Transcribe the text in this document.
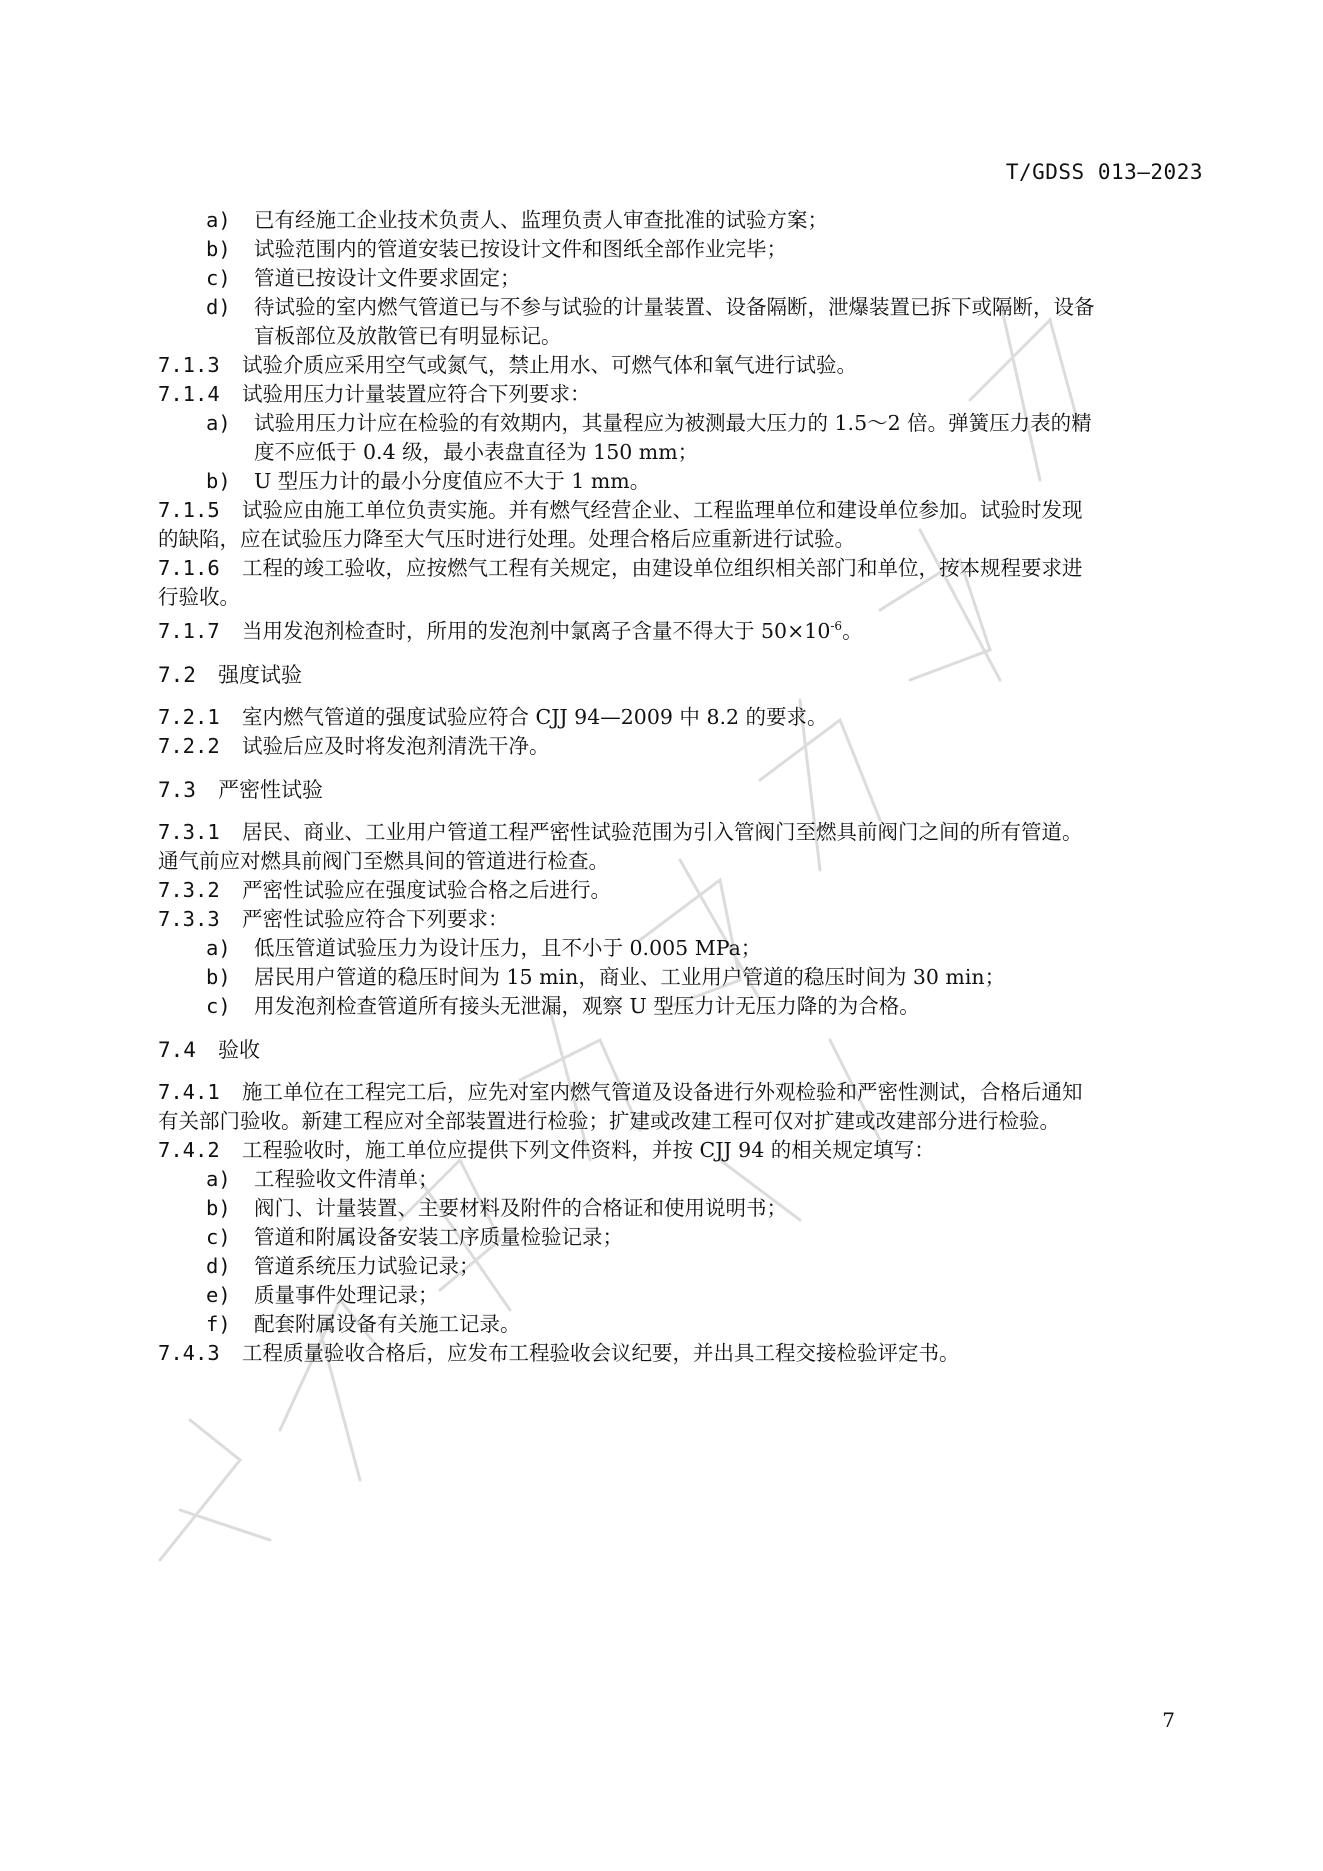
T/GDSS 013—2023
a) 已有经施工企业技术负责人、监理负责人审查批准的试验方案；
b) 试验范围内的管道安装已按设计文件和图纸全部作业完毕；
c) 管道已按设计文件要求固定；
d) 待试验的室内燃气管道已与不参与试验的计量装置、设备隔断，泄爆装置已拆下或隔断，设备
盲板部位及放散管已有明显标记。
7.1.3 试验介质应采用空气或氮气，禁止用水、可燃气体和氧气进行试验。
7.1.4 试验用压力计量装置应符合下列要求：
a) 试验用压力计应在检验的有效期内，其量程应为被测最大压力的 1.5～2 倍。弹簧压力表的精
度不应低于 0.4 级，最小表盘直径为 150 mm；
b) U 型压力计的最小分度值应不大于 1 mm。
7.1.5 试验应由施工单位负责实施。并有燃气经营企业、工程监理单位和建设单位参加。试验时发现
的缺陷，应在试验压力降至大气压时进行处理。处理合格后应重新进行试验。
7.1.6 工程的竣工验收，应按燃气工程有关规定，由建设单位组织相关部门和单位，按本规程要求进
行验收。
7.1.7 当用发泡剂检查时，所用的发泡剂中氯离子含量不得大于 $50\times 10^{-6}$。
7.2 强度试验
7.2.1 室内燃气管道的强度试验应符合 CJJ 94—2009 中 8.2 的要求。
7.2.2 试验后应及时将发泡剂清洗干净。
7.3 严密性试验
7.3.1 居民、商业、工业用户管道工程严密性试验范围为引入管阀门至燃具前阀门之间的所有管道。
通气前应对燃具前阀门至燃具间的管道进行检查。
7.3.2 严密性试验应在强度试验合格之后进行。
7.3.3 严密性试验应符合下列要求：
a) 低压管道试验压力为设计压力，且不小于 0.005 MPa；
b) 居民用户管道的稳压时间为 15 min，商业、工业用户管道的稳压时间为 30 min；
c) 用发泡剂检查管道所有接头无泄漏，观察 U 型压力计无压力降的为合格。
7.4 验收
7.4.1 施工单位在工程完工后，应先对室内燃气管道及设备进行外观检验和严密性测试，合格后通知
有关部门验收。新建工程应对全部装置进行检验；扩建或改建工程可仅对扩建或改建部分进行检验。
7.4.2 工程验收时，施工单位应提供下列文件资料，并按 CJJ 94 的相关规定填写：
a) 工程验收文件清单；
b) 阀门、计量装置、主要材料及附件的合格证和使用说明书；
c) 管道和附属设备安装工序质量检验记录；
d) 管道系统压力试验记录；
e) 质量事件处理记录；
f) 配套附属设备有关施工记录。
7.4.3 工程质量验收合格后，应发布工程验收会议纪要，并出具工程交接检验评定书。
7
